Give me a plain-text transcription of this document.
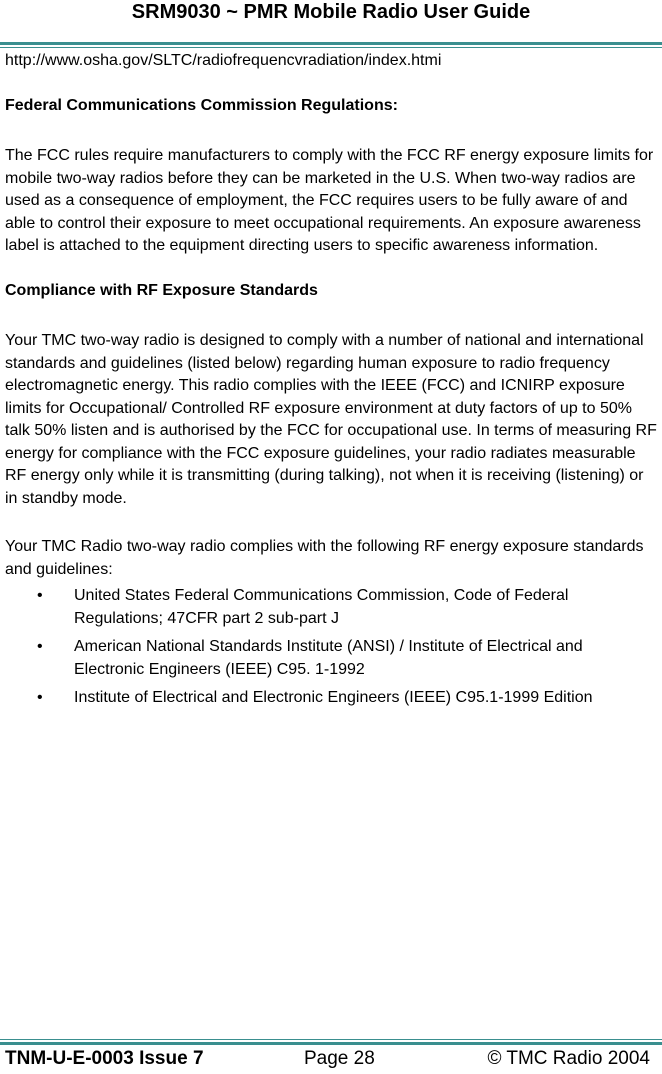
SRM9030 ~ PMR Mobile Radio User Guide

http://www.osha.gov/SLTC/radiofrequencvradiation/index.htmi

Federal Communications Commission Regulations:

The FCC rules require manufacturers to comply with the FCC RF energy exposure limits for mobile two-way radios before they can be marketed in the U.S. When two-way radios are used as a consequence of employment, the FCC requires users to be fully aware of and able to control their exposure to meet occupational requirements. An exposure awareness label is attached to the equipment directing users to specific awareness information.

Compliance with RF Exposure Standards

Your TMC two-way radio is designed to comply with a number of national and international standards and guidelines (listed below) regarding human exposure to radio frequency electromagnetic energy. This radio complies with the IEEE (FCC) and ICNIRP exposure limits for Occupational/ Controlled RF exposure environment at duty factors of up to 50% talk 50% listen and is authorised by the FCC for occupational use. In terms of measuring RF energy for compliance with the FCC exposure guidelines, your radio radiates measurable RF energy only while it is transmitting (during talking), not when it is receiving (listening) or in standby mode.

Your TMC Radio two-way radio complies with the following RF energy exposure standards and guidelines:

• United States Federal Communications Commission, Code of Federal Regulations; 47CFR part 2 sub-part J
• American National Standards Institute (ANSI) / Institute of Electrical and Electronic Engineers (IEEE) C95. 1-1992
• Institute of Electrical and Electronic Engineers (IEEE) C95.1-1999 Edition
TNM-U-E-0003 Issue 7	Page 28	© TMC Radio 2004
